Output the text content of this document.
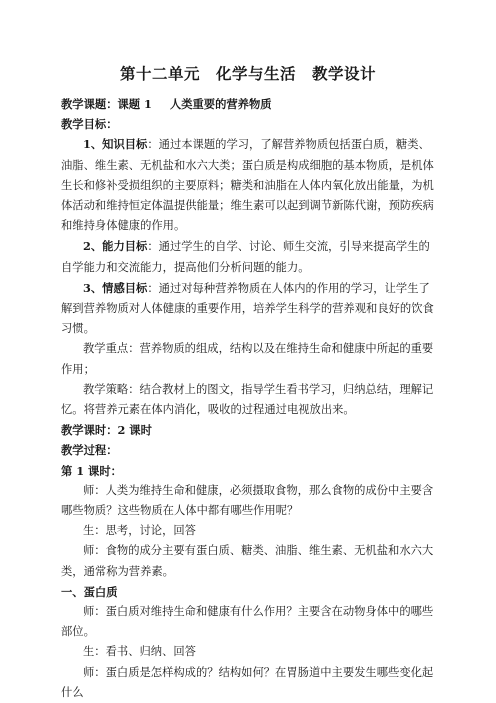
第十二单元　化学与生活　教学设计

教学课题：课题 1 人类重要的营养物质

教学目标：

1、知识目标：通过本课题的学习，了解营养物质包括蛋白质，糖类、油脂、维生素、无机盐和水六大类；蛋白质是构成细胞的基本物质，是机体生长和修补受损组织的主要原料；糖类和油脂在人体内氧化放出能量，为机体活动和维持恒定体温提供能量；维生素可以起到调节新陈代谢，预防疾病和维持身体健康的作用。

2、能力目标：通过学生的自学、讨论、师生交流，引导来提高学生的自学能力和交流能力，提高他们分析问题的能力。

3、情感目标：通过对每种营养物质在人体内的作用的学习，让学生了解到营养物质对人体健康的重要作用，培养学生科学的营养观和良好的饮食习惯。

教学重点：营养物质的组成，结构以及在维持生命和健康中所起的重要作用；

教学策略：结合教材上的图文，指导学生看书学习，归纳总结，理解记忆。将营养元素在体内消化，吸收的过程通过电视放出来。

教学课时：2 课时

教学过程：

第 1 课时：

师：人类为维持生命和健康，必须摄取食物，那么食物的成份中主要含哪些物质？这些物质在人体中都有哪些作用呢？

生：思考，讨论，回答

师：食物的成分主要有蛋白质、糖类、油脂、维生素、无机盐和水六大类，通常称为营养素。

一、蛋白质

师：蛋白质对维持生命和健康有什么作用？主要含在动物身体中的哪些部位。

生：看书、归纳、回答

师：蛋白质是怎样构成的？结构如何？在胃肠道中主要发生哪些变化起什么
